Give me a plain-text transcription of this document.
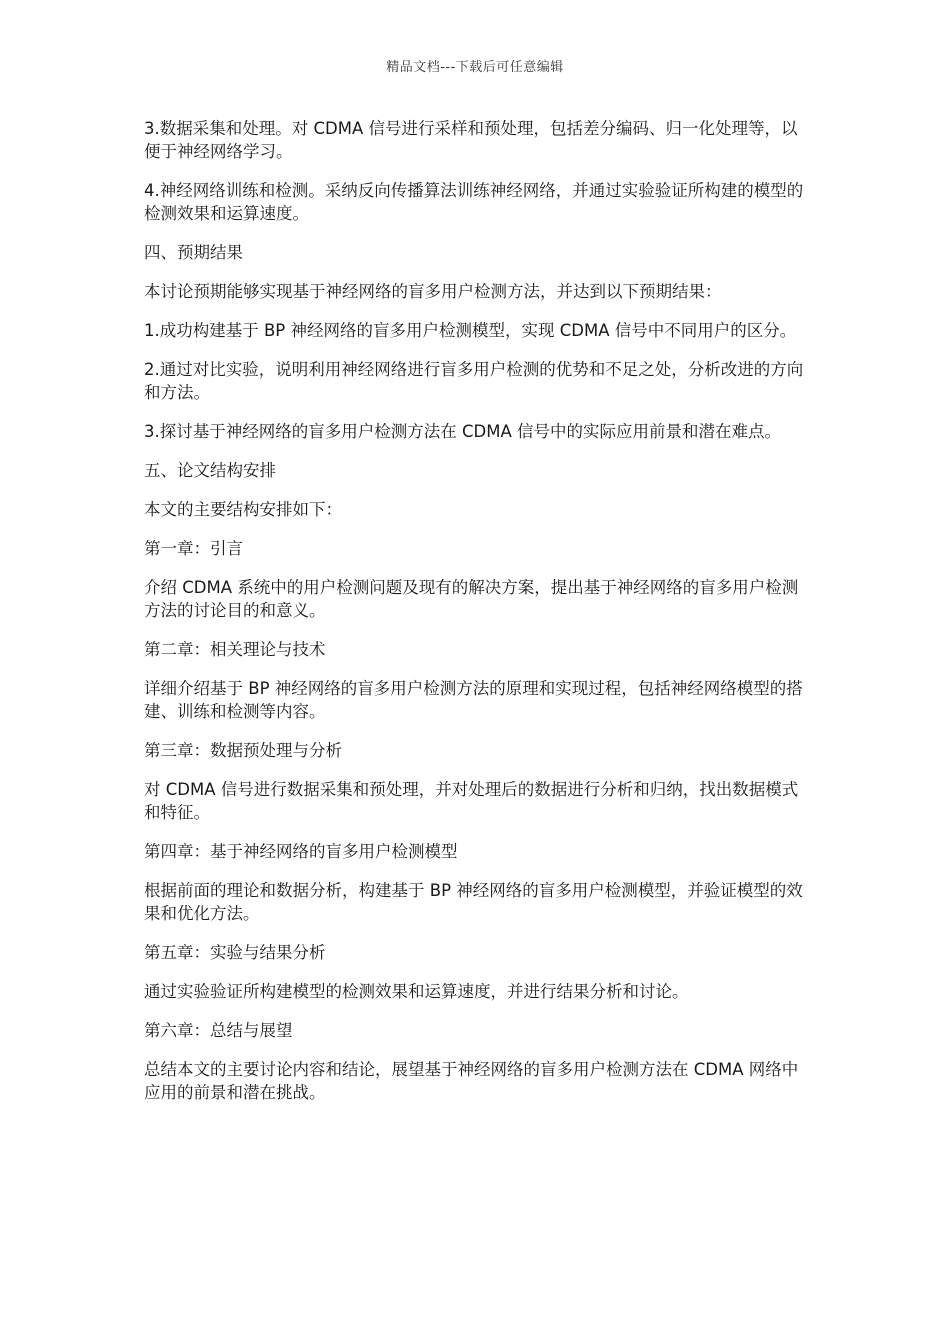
精品文档---下载后可任意编辑

3.数据采集和处理。对 CDMA 信号进行采样和预处理，包括差分编码、归一化处理等，以便于神经网络学习。

4.神经网络训练和检测。采纳反向传播算法训练神经网络，并通过实验验证所构建的模型的检测效果和运算速度。

四、预期结果

本讨论预期能够实现基于神经网络的盲多用户检测方法，并达到以下预期结果：

1.成功构建基于 BP 神经网络的盲多用户检测模型，实现 CDMA 信号中不同用户的区分。

2.通过对比实验，说明利用神经网络进行盲多用户检测的优势和不足之处，分析改进的方向和方法。

3.探讨基于神经网络的盲多用户检测方法在 CDMA 信号中的实际应用前景和潜在难点。

五、论文结构安排

本文的主要结构安排如下：

第一章：引言

介绍 CDMA 系统中的用户检测问题及现有的解决方案，提出基于神经网络的盲多用户检测方法的讨论目的和意义。

第二章：相关理论与技术

详细介绍基于 BP 神经网络的盲多用户检测方法的原理和实现过程，包括神经网络模型的搭建、训练和检测等内容。

第三章：数据预处理与分析

对 CDMA 信号进行数据采集和预处理，并对处理后的数据进行分析和归纳，找出数据模式和特征。

第四章：基于神经网络的盲多用户检测模型

根据前面的理论和数据分析，构建基于 BP 神经网络的盲多用户检测模型，并验证模型的效果和优化方法。

第五章：实验与结果分析

通过实验验证所构建模型的检测效果和运算速度，并进行结果分析和讨论。

第六章：总结与展望

总结本文的主要讨论内容和结论，展望基于神经网络的盲多用户检测方法在 CDMA 网络中应用的前景和潜在挑战。
